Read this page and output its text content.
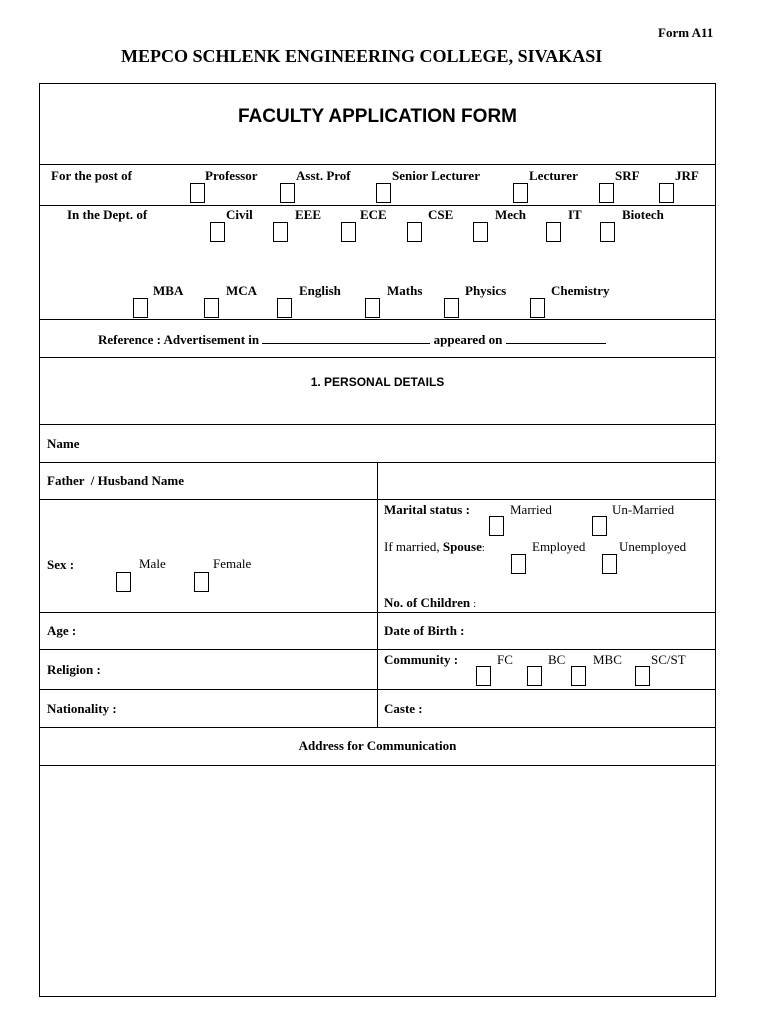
Form A11
MEPCO SCHLENK ENGINEERING COLLEGE, SIVAKASI
FACULTY APPLICATION FORM
For the post of	Professor	Asst. Prof	Senior Lecturer	Lecturer	SRF	JRF
In the Dept. of	Civil	EEE	ECE	CSE	Mech	IT	Biotech
MBA	MCA	English	Maths	Physics	Chemistry
Reference : Advertisement in	appeared on
1. PERSONAL DETAILS
Name
Father  / Husband Name
Sex :	Male	Female
Marital status :	Married	Un-Married
If married, Spouse:	Employed	Unemployed
No. of Children :
Age :	Date of Birth :
Religion :
Community :	FC	BC MBC SC/ST
Nationality :	Caste :
Address for Communication
